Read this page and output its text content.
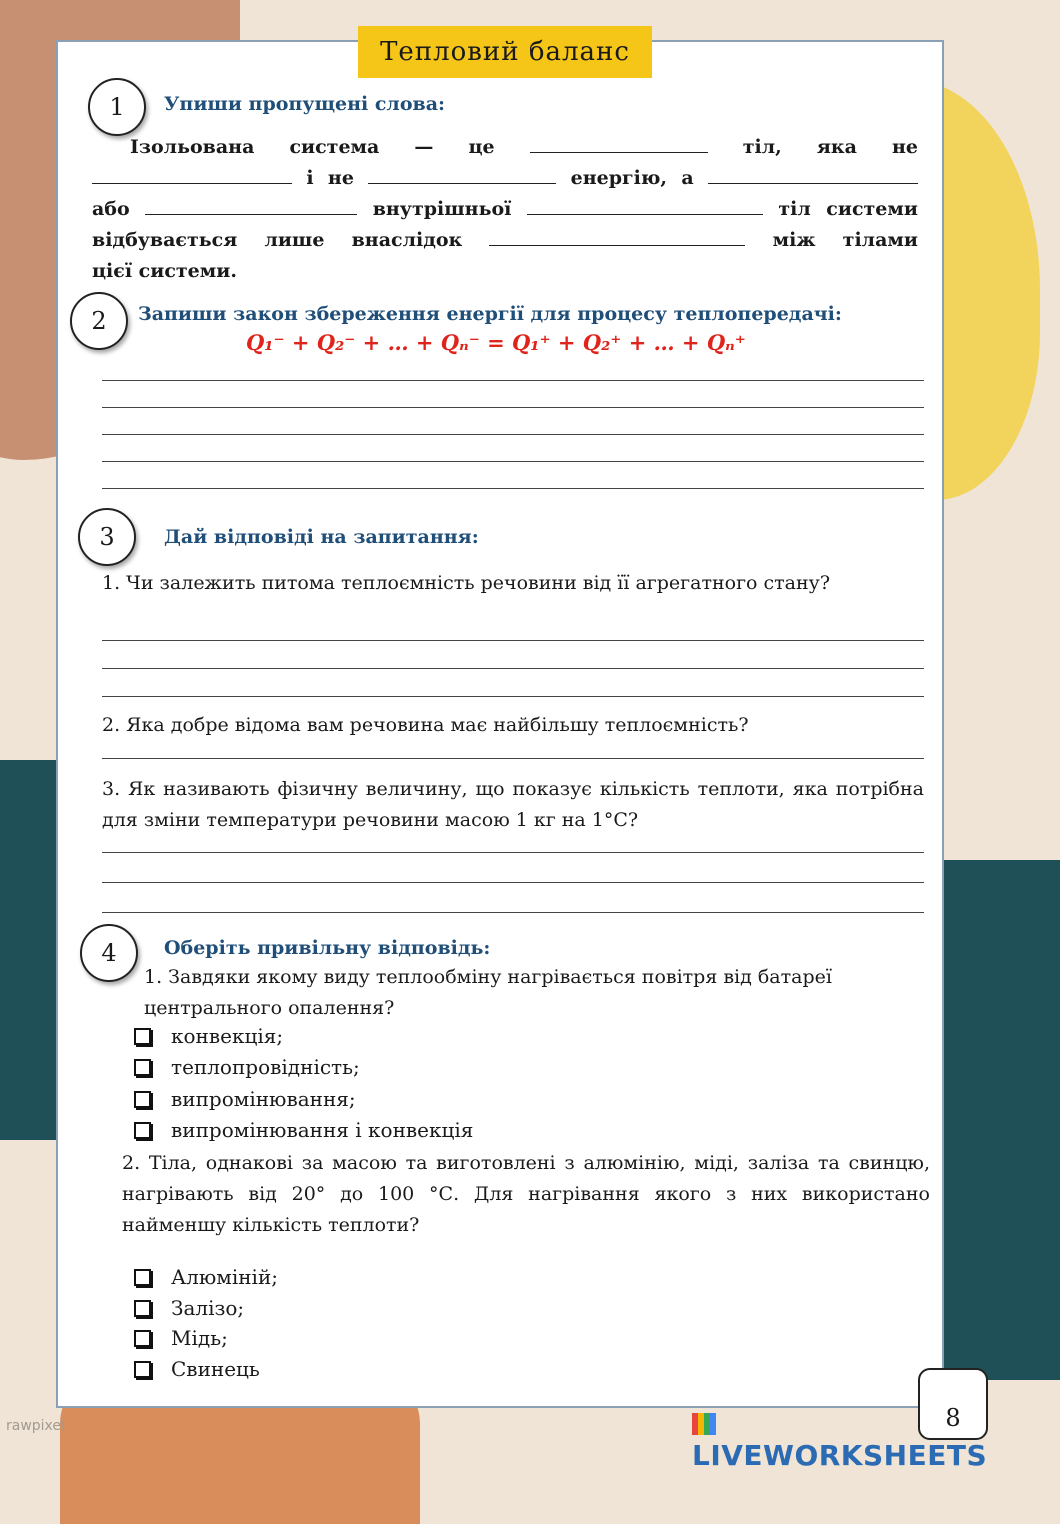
Тепловий баланс
1	Упиши пропущені слова:
Ізольована система — це	тіл, яка не
і не	енергію, а
або	внутрішньої	тіл системи
відбувається лише внаслідок	між тілами
цієї системи.
2	Запиши закон збереження енергії для процесу теплопередачі:
Q₁⁻ + Q₂⁻ + … + Qₙ⁻ = Q₁⁺ + Q₂⁺ + … + Qₙ⁺
3	Дай відповіді на запитання:
1. Чи залежить питома теплоємність речовини від її агрегатного стану?
2. Яка добре відома вам речовина має найбільшу теплоємність?
3. Як називають фізичну величину, що показує кількість теплоти, яка потрібна для зміни температури речовини масою 1 кг на 1°С?
4	Оберіть привільну відповідь:
1. Завдяки якому виду теплообміну нагрівається повітря від батареї центрального опалення?
конвекція;
теплопровідність;
випромінювання;
випромінювання і конвекція
2. Тіла, однакові за масою та виготовлені з алюмінію, міді, заліза та свинцю, нагрівають від 20° до 100 °С. Для нагрівання якого з них використано найменшу кількість теплоти?
Алюміній;
Залізо;
Мідь;
Свинець
8
rawpixel
LIVEWORKSHEETS
